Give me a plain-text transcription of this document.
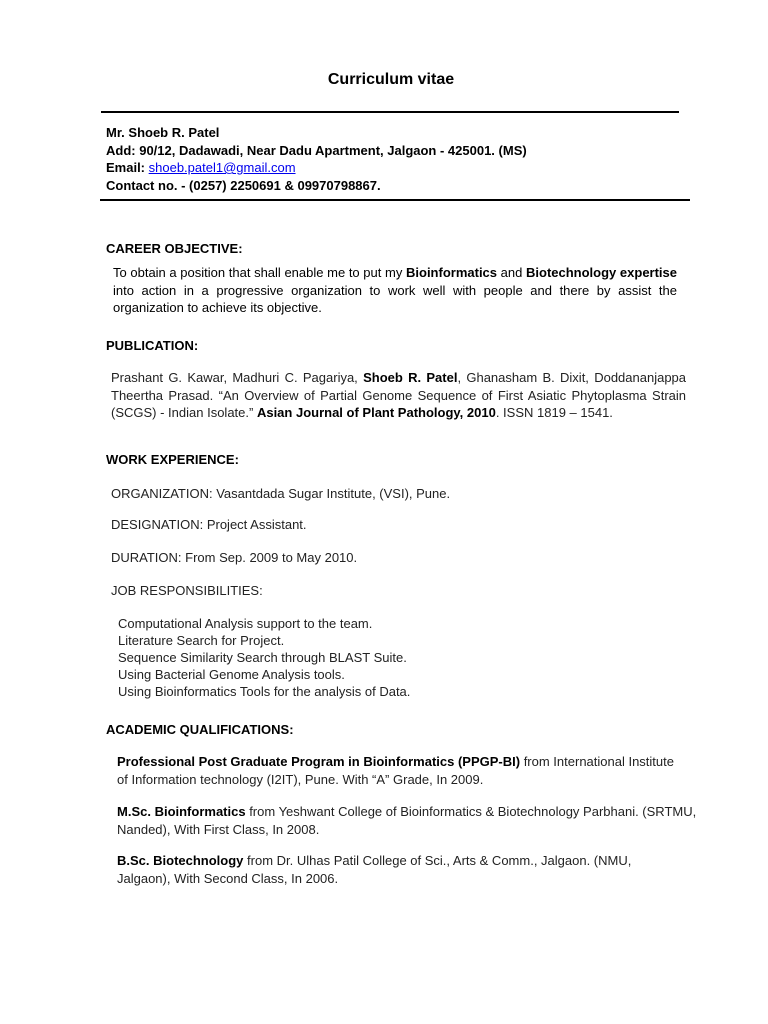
Curriculum vitae
Mr. Shoeb R. Patel
Add: 90/12, Dadawadi, Near Dadu Apartment, Jalgaon - 425001. (MS)
Email: shoeb.patel1@gmail.com
Contact no. - (0257) 2250691 & 09970798867.
CAREER OBJECTIVE:
To obtain a position that shall enable me to put my Bioinformatics and Biotechnology expertise into action in a progressive organization to work well with people and there by assist the organization to achieve its objective.
PUBLICATION:
Prashant G. Kawar, Madhuri C. Pagariya, Shoeb R. Patel, Ghanasham B. Dixit, Doddananjappa Theertha Prasad. “An Overview of Partial Genome Sequence of First Asiatic Phytoplasma Strain (SCGS) - Indian Isolate.” Asian Journal of Plant Pathology, 2010. ISSN 1819 – 1541.
WORK EXPERIENCE:
ORGANIZATION: Vasantdada Sugar Institute, (VSI), Pune.
DESIGNATION: Project Assistant.
DURATION: From Sep. 2009 to May 2010.
JOB RESPONSIBILITIES:
Computational Analysis support to the team.
Literature Search for Project.
Sequence Similarity Search through BLAST Suite.
Using Bacterial Genome Analysis tools.
Using Bioinformatics Tools for the analysis of Data.
ACADEMIC QUALIFICATIONS:
Professional Post Graduate Program in Bioinformatics (PPGP-BI) from International Institute of Information technology (I2IT), Pune. With “A” Grade, In 2009.
M.Sc. Bioinformatics from Yeshwant College of Bioinformatics & Biotechnology Parbhani. (SRTMU, Nanded), With First Class, In 2008.
B.Sc. Biotechnology from Dr. Ulhas Patil College of Sci., Arts & Comm., Jalgaon. (NMU, Jalgaon), With Second Class, In 2006.
